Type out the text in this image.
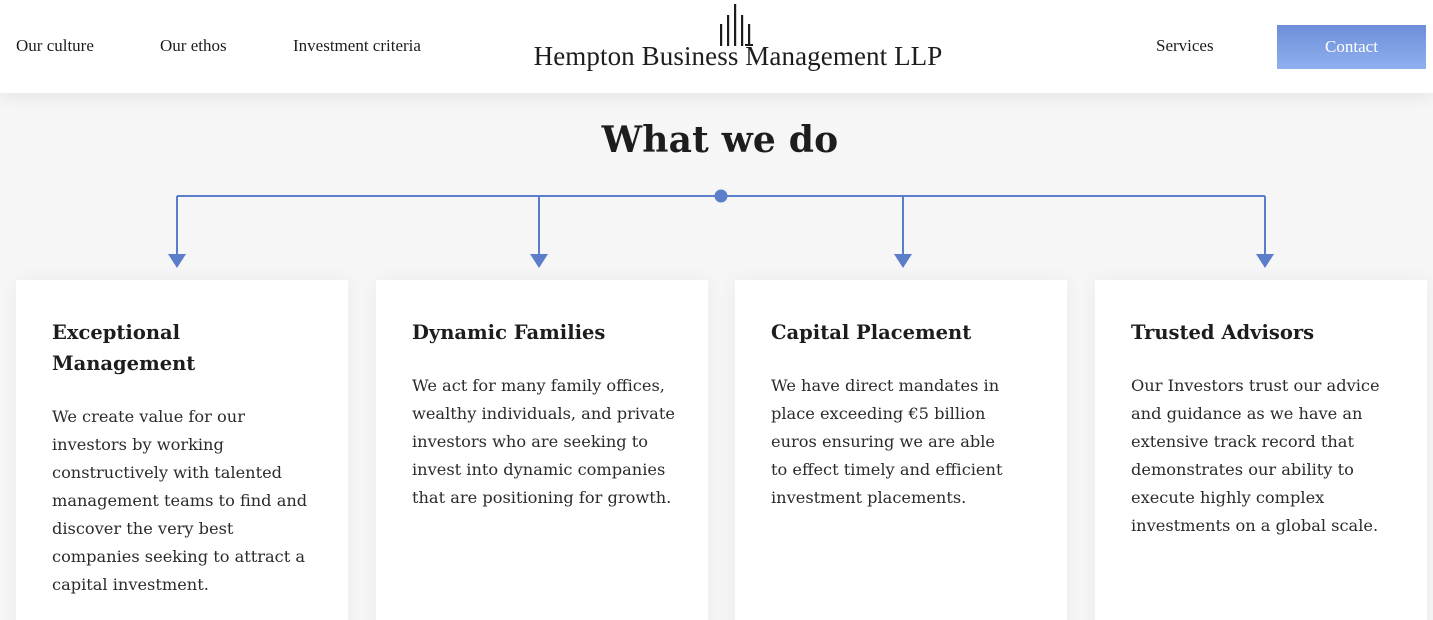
Our culture	Our ethos	Investment criteria	Hempton Business Management LLP	Services	Contact
What we do
Exceptional Management

We create value for our investors by working constructively with talented management teams to find and discover the very best companies seeking to attract a capital investment.

Dynamic Families

We act for many family offices, wealthy individuals, and private investors who are seeking to invest into dynamic companies that are positioning for growth.

Capital Placement

We have direct mandates in place exceeding €5 billion euros ensuring we are able to effect timely and efficient investment placements.

Trusted Advisors

Our Investors trust our advice and guidance as we have an extensive track record that demonstrates our ability to execute highly complex investments on a global scale.
